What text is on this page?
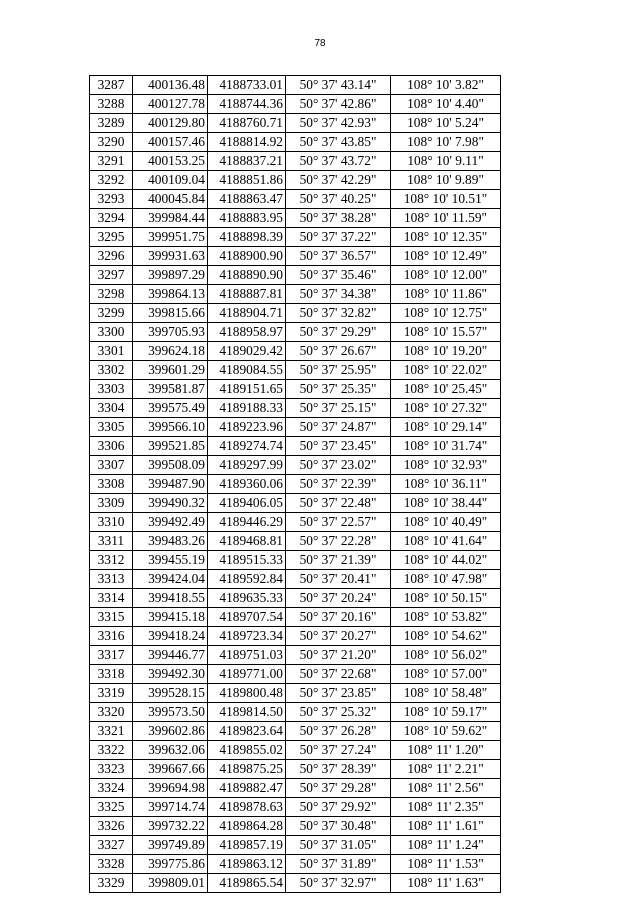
78
3287	400136.48	4188733.01	50° 37' 43.14"	108° 10' 3.82"
3288	400127.78	4188744.36	50° 37' 42.86"	108° 10' 4.40"
3289	400129.80	4188760.71	50° 37' 42.93"	108° 10' 5.24"
3290	400157.46	4188814.92	50° 37' 43.85"	108° 10' 7.98"
3291	400153.25	4188837.21	50° 37' 43.72"	108° 10' 9.11"
3292	400109.04	4188851.86	50° 37' 42.29"	108° 10' 9.89"
3293	400045.84	4188863.47	50° 37' 40.25"	108° 10' 10.51"
3294	399984.44	4188883.95	50° 37' 38.28"	108° 10' 11.59"
3295	399951.75	4188898.39	50° 37' 37.22"	108° 10' 12.35"
3296	399931.63	4188900.90	50° 37' 36.57"	108° 10' 12.49"
3297	399897.29	4188890.90	50° 37' 35.46"	108° 10' 12.00"
3298	399864.13	4188887.81	50° 37' 34.38"	108° 10' 11.86"
3299	399815.66	4188904.71	50° 37' 32.82"	108° 10' 12.75"
3300	399705.93	4188958.97	50° 37' 29.29"	108° 10' 15.57"
3301	399624.18	4189029.42	50° 37' 26.67"	108° 10' 19.20"
3302	399601.29	4189084.55	50° 37' 25.95"	108° 10' 22.02"
3303	399581.87	4189151.65	50° 37' 25.35"	108° 10' 25.45"
3304	399575.49	4189188.33	50° 37' 25.15"	108° 10' 27.32"
3305	399566.10	4189223.96	50° 37' 24.87"	108° 10' 29.14"
3306	399521.85	4189274.74	50° 37' 23.45"	108° 10' 31.74"
3307	399508.09	4189297.99	50° 37' 23.02"	108° 10' 32.93"
3308	399487.90	4189360.06	50° 37' 22.39"	108° 10' 36.11"
3309	399490.32	4189406.05	50° 37' 22.48"	108° 10' 38.44"
3310	399492.49	4189446.29	50° 37' 22.57"	108° 10' 40.49"
3311	399483.26	4189468.81	50° 37' 22.28"	108° 10' 41.64"
3312	399455.19	4189515.33	50° 37' 21.39"	108° 10' 44.02"
3313	399424.04	4189592.84	50° 37' 20.41"	108° 10' 47.98"
3314	399418.55	4189635.33	50° 37' 20.24"	108° 10' 50.15"
3315	399415.18	4189707.54	50° 37' 20.16"	108° 10' 53.82"
3316	399418.24	4189723.34	50° 37' 20.27"	108° 10' 54.62"
3317	399446.77	4189751.03	50° 37' 21.20"	108° 10' 56.02"
3318	399492.30	4189771.00	50° 37' 22.68"	108° 10' 57.00"
3319	399528.15	4189800.48	50° 37' 23.85"	108° 10' 58.48"
3320	399573.50	4189814.50	50° 37' 25.32"	108° 10' 59.17"
3321	399602.86	4189823.64	50° 37' 26.28"	108° 10' 59.62"
3322	399632.06	4189855.02	50° 37' 27.24"	108° 11' 1.20"
3323	399667.66	4189875.25	50° 37' 28.39"	108° 11' 2.21"
3324	399694.98	4189882.47	50° 37' 29.28"	108° 11' 2.56"
3325	399714.74	4189878.63	50° 37' 29.92"	108° 11' 2.35"
3326	399732.22	4189864.28	50° 37' 30.48"	108° 11' 1.61"
3327	399749.89	4189857.19	50° 37' 31.05"	108° 11' 1.24"
3328	399775.86	4189863.12	50° 37' 31.89"	108° 11' 1.53"
3329	399809.01	4189865.54	50° 37' 32.97"	108° 11' 1.63"
